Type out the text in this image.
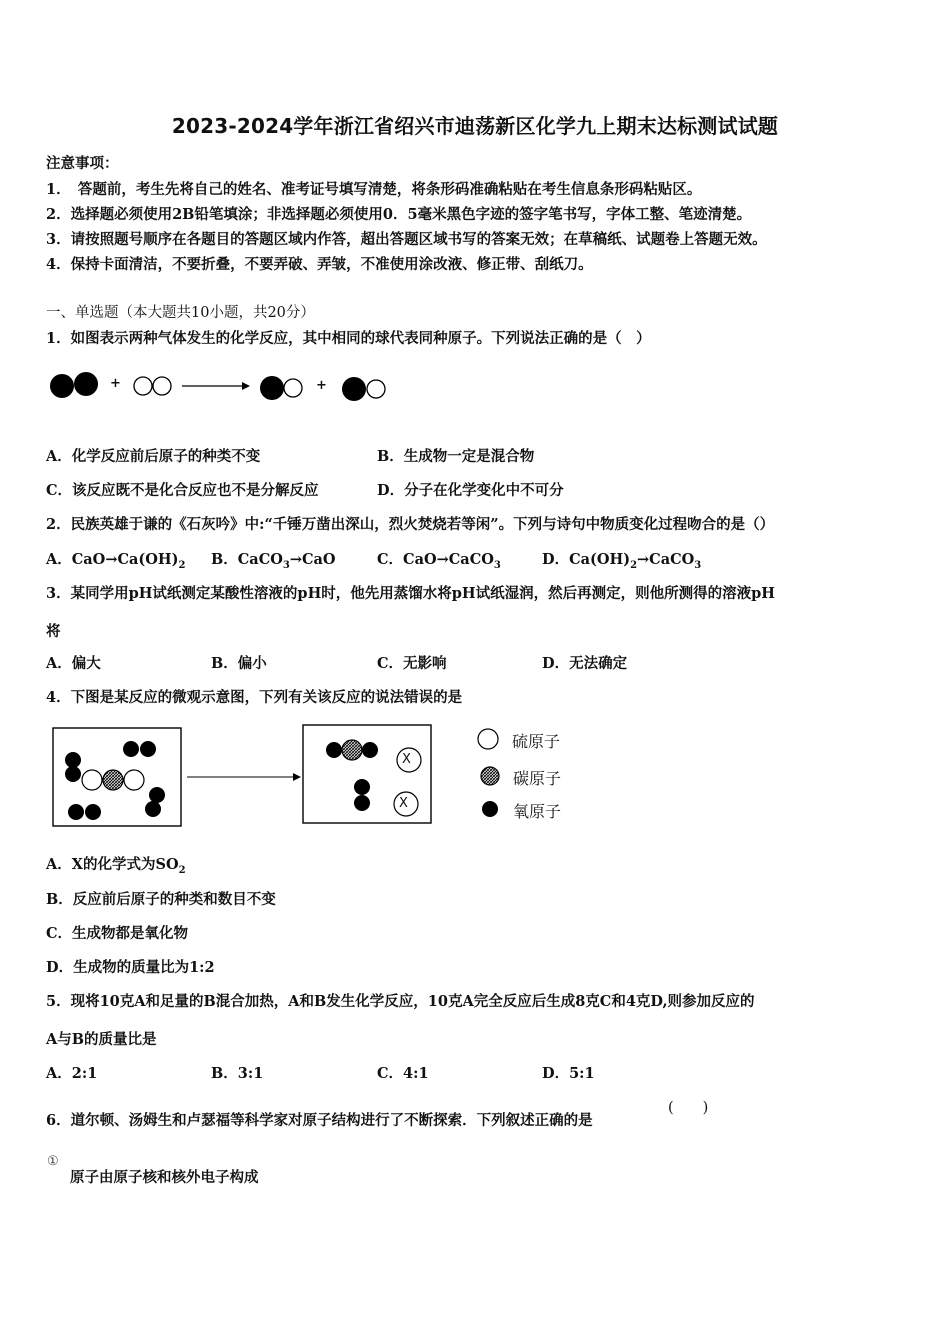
2023-2024学年浙江省绍兴市迪荡新区化学九上期末达标测试试题
注意事项：
1．　答题前，考生先将自己的姓名、准考证号填写清楚，将条形码准确粘贴在考生信息条形码粘贴区。
2．选择题必须使用2B铅笔填涂；非选择题必须使用0．5毫米黑色字迹的签字笔书写，字体工整、笔迹清楚。
3．请按照题号顺序在各题目的答题区域内作答，超出答题区域书写的答案无效；在草稿纸、试题卷上答题无效。
4．保持卡面清洁，不要折叠，不要弄破、弄皱，不准使用涂改液、修正带、刮纸刀。
一、单选题（本大题共10小题，共20分）
1．如图表示两种气体发生的化学反应，其中相同的球代表同种原子。下列说法正确的是（　）
+	+
A．化学反应前后原子的种类不变	B．生成物一定是混合物
C．该反应既不是化合反应也不是分解反应	D．分子在化学变化中不可分
2．民族英雄于谦的《石灰吟》中:“千锤万凿出深山，烈火焚烧若等闲”。下列与诗句中物质变化过程吻合的是（）
A．$CaO\to Ca(OH)_2$ B．CaCO$_3$→CaO	C．CaO→CaCO$_3$	D．$Ca(OH)_2\to CaCO_3$
3．某同学用pH试纸测定某酸性溶液的pH时，他先用蒸馏水将pH试纸湿润，然后再测定，则他所测得的溶液pH
将
A．偏大	B．偏小	C．无影响	D．无法确定
4．下图是某反应的微观示意图，下列有关该反应的说法错误的是
X
X
硫原子
碳原子
氧原子
A．X的化学式为$SO_2$
B．反应前后原子的种类和数目不变
C．生成物都是氧化物
D．生成物的质量比为1:2
5．现将10克A和足量的B混合加热，A和B发生化学反应，10克A完全反应后生成8克C和4克D,则参加反应的
A与B的质量比是
A．2:1	B．3:1	C．4:1	D．5:1
6．道尔顿、汤姆生和卢瑟福等科学家对原子结构进行了不断探索．下列叙述正确的是
(　　)
①
原子由原子核和核外电子构成
